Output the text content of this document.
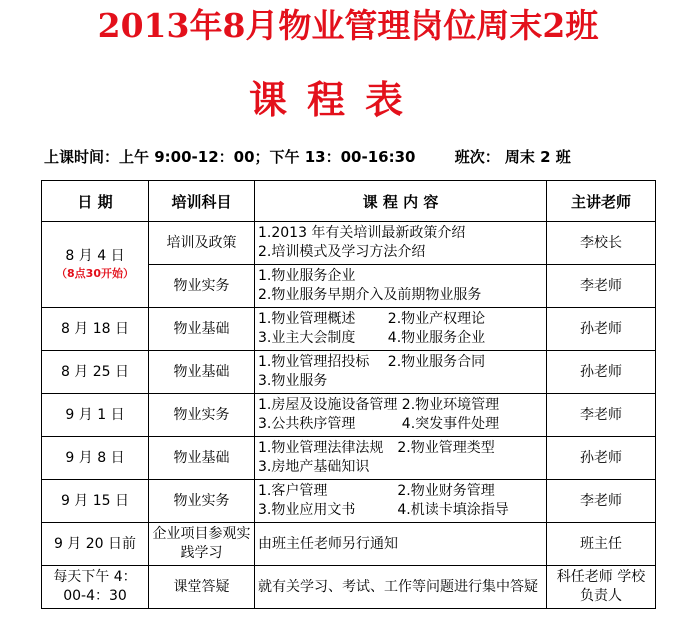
2013年8月物业管理岗位周末2班
课程表
上课时间：上午 9:00-12：00；下午 13：00-16:30	班次： 周末 2 班
日 期	培训科目	课 程 内 容	主讲老师

8 月 4 日
（8点30开始）	培训及政策	1.2013 年有关培训最新政策介绍
2.培训模式及学习方法介绍	李校长
	物业实务	1.物业服务企业
2.物业服务早期介入及前期物业服务	李老师
8 月 18 日	物业基础	1.物业管理概述　　 2.物业产权理论
3.业主大会制度　　 4.物业服务企业	孙老师
8 月 25 日	物业基础	1.物业管理招投标　 2.物业服务合同
3.物业服务	孙老师
9 月 1 日	物业实务	1.房屋及设施设备管理 2.物业环境管理
3.公共秩序管理　　　 4.突发事件处理	李老师
9 月 8 日	物业基础	1.物业管理法律法规　2.物业管理类型
3.房地产基础知识	孙老师
9 月 15 日	物业实务	1.客户管理　　　　　2.物业财务管理
3.物业应用文书　　　4.机读卡填涂指导	李老师
9 月 20 日前	企业项目参观实践学习	由班主任老师另行通知	班主任
每天下午 4：00-4：30	课堂答疑	就有关学习、考试、工作等问题进行集中答疑	科任老师 学校负责人
